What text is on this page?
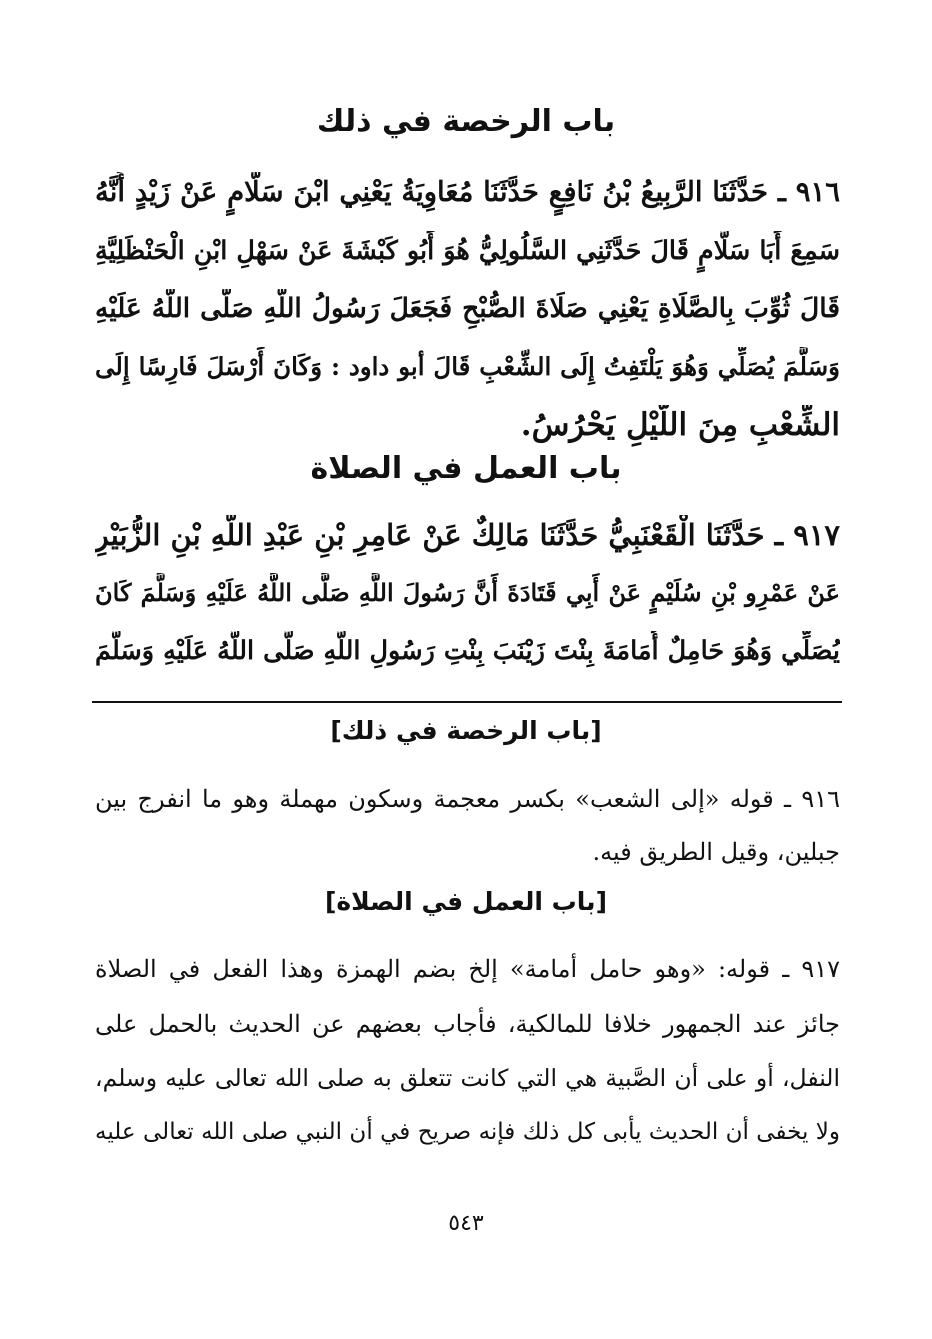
باب الرخصة في ذلك
٩١٦ ـ حَدَّثَنَا الرَّبِيعُ بْنُ نَافِعٍ حَدَّثَنَا مُعَاوِيَةُ يَعْنِي ابْنَ سَلَّامٍ عَنْ زَيْدٍ أَنَّهُ
سَمِعَ أَبَا سَلَّامٍ قَالَ حَدَّثَنِي السَّلُولِيُّ هُوَ أَبُو كَبْشَةَ عَنْ سَهْلِ ابْنِ الْحَنْظَلِيَّةِ
قَالَ ثُوِّبَ بِالصَّلَاةِ يَعْنِي صَلَاةَ الصُّبْحِ فَجَعَلَ رَسُولُ اللَّهِ صَلَّى اللَّهُ عَلَيْهِ
وَسَلَّمَ يُصَلِّي وَهُوَ يَلْتَفِتُ إِلَى الشِّعْبِ قَالَ أبو داود : وَكَانَ أَرْسَلَ فَارِسًا إِلَى
الشِّعْبِ مِنَ اللَّيْلِ يَحْرُسُ.
باب العمل في الصلاة
٩١٧ ـ حَدَّثَنَا الْقَعْنَبِيُّ حَدَّثَنَا مَالِكٌ عَنْ عَامِرِ بْنِ عَبْدِ اللَّهِ بْنِ الزُّبَيْرِ
عَنْ عَمْرِو بْنِ سُلَيْمٍ عَنْ أَبِي قَتَادَةَ أَنَّ رَسُولَ اللَّهِ صَلَّى اللَّهُ عَلَيْهِ وَسَلَّمَ كَانَ
يُصَلِّي وَهُوَ حَامِلٌ أُمَامَةَ بِنْتَ زَيْنَبَ بِنْتِ رَسُولِ اللَّهِ صَلَّى اللَّهُ عَلَيْهِ وَسَلَّمَ
[باب الرخصة في ذلك]
٩١٦ ـ قوله «إلى الشعب» بكسر معجمة وسكون مهملة وهو ما انفرج بين
جبلين، وقيل الطريق فيه.
[باب العمل في الصلاة]
٩١٧ ـ قوله: «وهو حامل أمامة» إلخ بضم الهمزة وهذا الفعل في الصلاة
جائز عند الجمهور خلافا للمالكية، فأجاب بعضهم عن الحديث بالحمل على
النفل، أو على أن الصَّبية هي التي كانت تتعلق به صلى الله تعالى عليه وسلم،
ولا يخفى أن الحديث يأبى كل ذلك فإنه صريح في أن النبي صلى الله تعالى عليه
٥٤٣
